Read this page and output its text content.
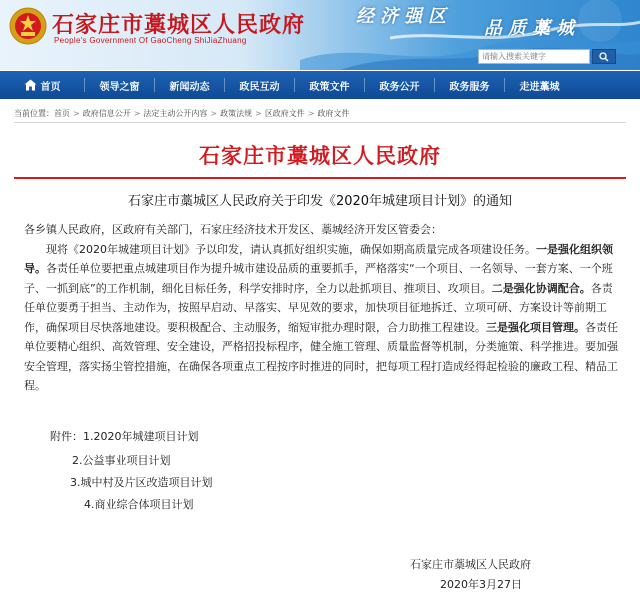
石家庄市藁城区人民政府
People's Government Of GaoCheng ShiJiaZhuang
经济强区
品质藁城
请输入搜索关键字
首页	领导之窗	新闻动态	政民互动	政策文件	政务公开	政务服务	走进藁城
当前位置： 首页 > 政府信息公开 > 法定主动公开内容 > 政策法规 > 区政府文件 > 政府文件
石家庄市藁城区人民政府
石家庄市藁城区人民政府关于印发《2020年城建项目计划》的通知

各乡镇人民政府，区政府有关部门，石家庄经济技术开发区、藁城经济开发区管委会：

现将《2020年城建项目计划》予以印发，请认真抓好组织实施，确保如期高质量完成各项建设任务。一是强化组织领导。各责任单位要把重点城建项目作为提升城市建设品质的重要抓手，严格落实“一个项目、一名领导、一套方案、一个班子、一抓到底”的工作机制，细化目标任务，科学安排时序，全力以赴抓项目、推项目、攻项目。二是强化协调配合。各责任单位要勇于担当、主动作为，按照早启动、早落实、早见效的要求，加快项目征地拆迁、立项可研、方案设计等前期工作，确保项目尽快落地建设。要积极配合、主动服务，缩短审批办理时限，合力助推工程建设。三是强化项目管理。各责任单位要精心组织、高效管理、安全建设，严格招投标程序，健全施工管理、质量监督等机制，分类施策、科学推进。要加强安全管理，落实扬尘管控措施，在确保各项重点工程按序时推进的同时，把每项工程打造成经得起检验的廉政工程、精品工程。

附件：1.2020年城建项目计划
2.公益事业项目计划
3.城中村及片区改造项目计划
4.商业综合体项目计划
石家庄市藁城区人民政府
2020年3月27日
